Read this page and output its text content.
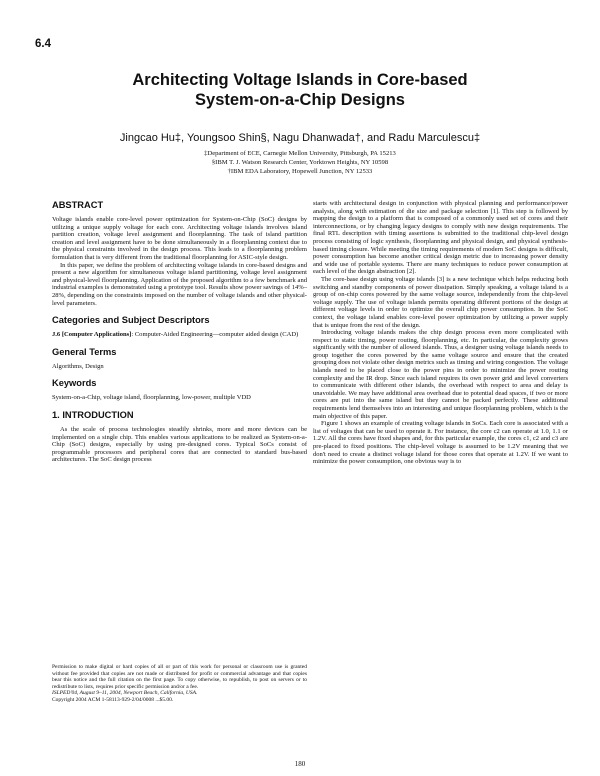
6.4
Architecting Voltage Islands in Core-based
System-on-a-Chip Designs
Jingcao Hu‡, Youngsoo Shin§, Nagu Dhanwada†, and Radu Marculescu‡
‡Department of ECE, Carnegie Mellon University, Pittsburgh, PA 15213
§IBM T. J. Watson Research Center, Yorktown Heights, NY 10598
†IBM EDA Laboratory, Hopewell Junction, NY 12533
ABSTRACT

Voltage islands enable core-level power optimization for System-on-Chip (SoC) designs by utilizing a unique supply voltage for each core. Architecting voltage islands involves island partition creation, voltage level assignment and floorplanning. The task of island partition creation and level assignment have to be done simultaneously in a floorplanning context due to the physical constraints involved in the design process. This leads to a floorplanning problem formulation that is very different from the traditional floorplanning for ASIC-style design.

In this paper, we define the problem of architecting voltage islands in core-based designs and present a new algorithm for simultaneous voltage island partitioning, voltage level assignment and physical-level floorplanning. Application of the proposed algorithm to a few benchmark and industrial examples is demonstrated using a prototype tool. Results show power savings of 14%–28%, depending on the constraints imposed on the number of voltage islands and other physical-level parameters.

Categories and Subject Descriptors

J.6 [Computer Applications]: Computer-Aided Engineering—computer aided design (CAD)

General Terms

Algorithms, Design

Keywords

System-on-a-Chip, voltage island, floorplanning, low-power, multiple VDD

1. INTRODUCTION

As the scale of process technologies steadily shrinks, more and more devices can be implemented on a single chip. This enables various applications to be realized as System-on-a-Chip (SoC) designs, especially by using pre-designed cores. Typical SoCs consist of programmable processors and peripheral cores that are connected to standard bus-based architectures. The SoC design process

Permission to make digital or hard copies of all or part of this work for personal or classroom use is granted without fee provided that copies are not made or distributed for profit or commercial advantage and that copies bear this notice and the full citation on the first page. To copy otherwise, to republish, to post on servers or to redistribute to lists, requires prior specific permission and/or a fee.

ISLPED'04, August 9–11, 2004, Newport Beach, California, USA.

Copyright 2004 ACM 1-58113-929-2/04/0008 ...$5.00.

starts with architectural design in conjunction with physical planning and performance/power analysis, along with estimation of die size and package selection [1]. This step is followed by mapping the design to a platform that is composed of a commonly used set of cores and their interconnections, or by changing legacy designs to comply with new design requirements. The final RTL description with timing assertions is submitted to the traditional chip-level design process consisting of logic synthesis, floorplanning and physical design, and physical synthesis-based timing closure. While meeting the timing requirements of modern SoC designs is difficult, power consumption has become another critical design metric due to increasing power density and wide use of portable systems. There are many techniques to reduce power consumption at each level of the design abstraction [2].

The core-base design using voltage islands [3] is a new technique which helps reducing both switching and standby components of power dissipation. Simply speaking, a voltage island is a group of on-chip cores powered by the same voltage source, independently from the chip-level voltage supply. The use of voltage islands permits operating different portions of the design at different voltage levels in order to optimize the overall chip power consumption. In the SoC context, the voltage island enables core-level power optimization by utilizing a power supply that is unique from the rest of the design.

Introducing voltage islands makes the chip design process even more complicated with respect to static timing, power routing, floorplanning, etc. In particular, the complexity grows significantly with the number of allowed islands. Thus, a designer using voltage islands needs to group together the cores powered by the same voltage source and ensure that the created grouping does not violate other design metrics such as timing and wiring congestion. The voltage islands need to be placed close to the power pins in order to minimize the power routing complexity and the IR drop. Since each island requires its own power grid and level converters to communicate with different other islands, the overhead with respect to area and delay is unavoidable. We may have additional area overhead due to potential dead spaces, if two or more cores are put into the same island but they cannot be packed perfectly. These additional requirements lend themselves into an interesting and unique floorplanning problem, which is the main objective of this paper.

Figure 1 shows an example of creating voltage islands in SoCs. Each core is associated with a list of voltages that can be used to operate it. For instance, the core c2 can operate at 1.0, 1.1 or 1.2V. All the cores have fixed shapes and, for this particular example, the cores c1, c2 and c3 are pre-placed to fixed positions. The chip-level voltage is assumed to be 1.2V meaning that we don't need to create a distinct voltage island for those cores that operate at 1.2V. If we want to minimize the power consumption, one obvious way is to

180
